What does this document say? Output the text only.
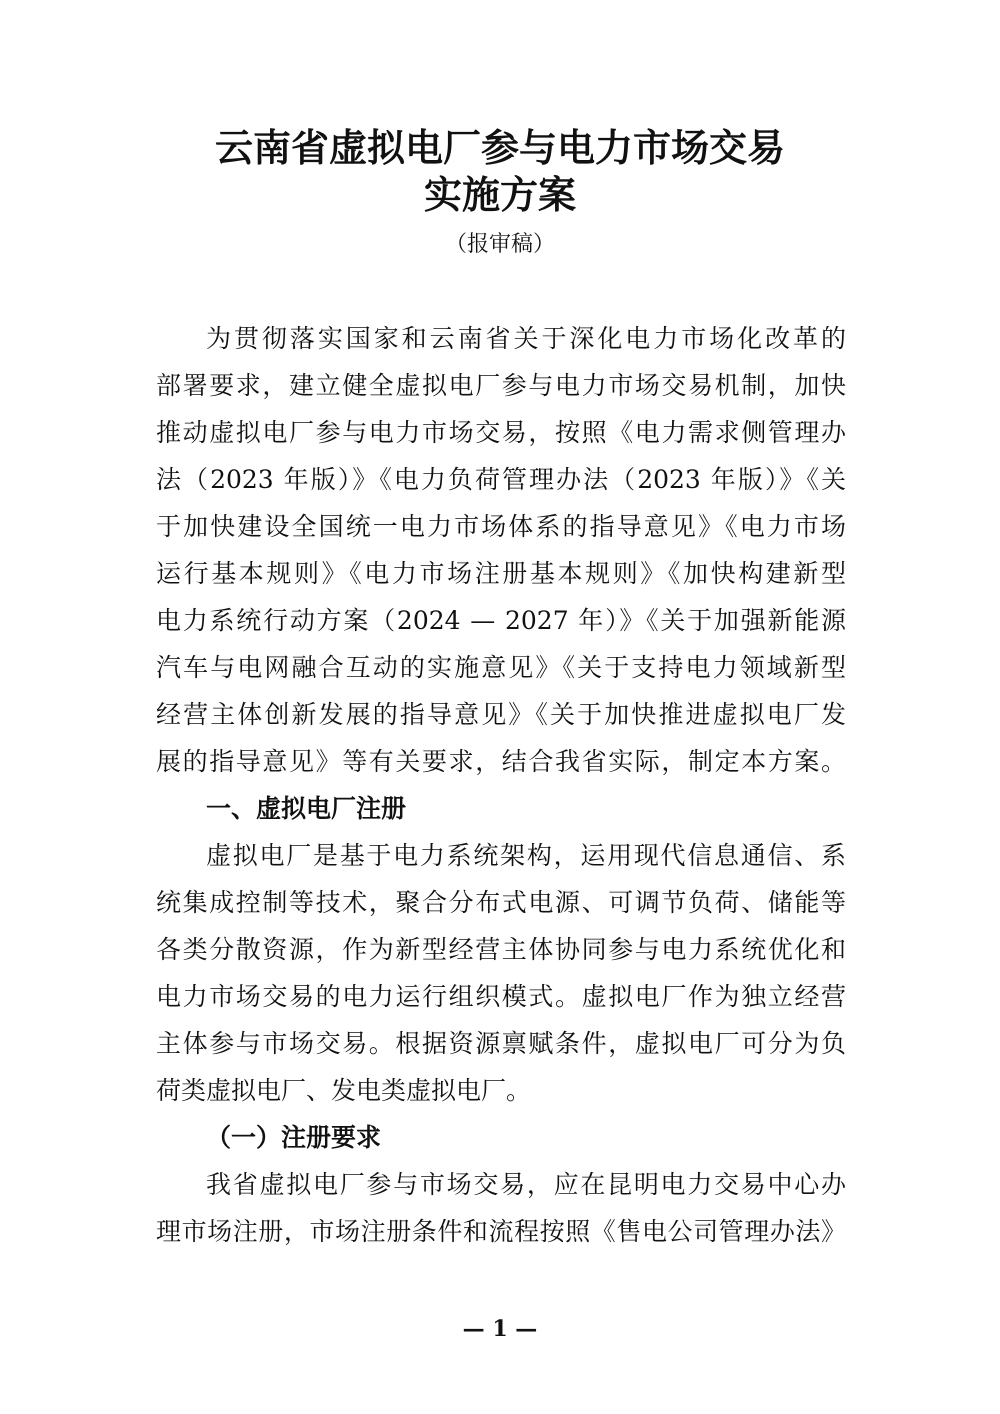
云南省虚拟电厂参与电力市场交易
实施方案
（报审稿）
为贯彻落实国家和云南省关于深化电力市场化改革的
部署要求，建立健全虚拟电厂参与电力市场交易机制，加快
推动虚拟电厂参与电力市场交易，按照《电力需求侧管理办
法（2023 年版）》《电力负荷管理办法（2023 年版）》《关
于加快建设全国统一电力市场体系的指导意见》《电力市场
运行基本规则》《电力市场注册基本规则》《加快构建新型
电力系统行动方案（2024 — 2027 年）》《关于加强新能源
汽车与电网融合互动的实施意见》《关于支持电力领域新型
经营主体创新发展的指导意见》《关于加快推进虚拟电厂发
展的指导意见》等有关要求，结合我省实际，制定本方案。
一、虚拟电厂注册
虚拟电厂是基于电力系统架构，运用现代信息通信、系
统集成控制等技术，聚合分布式电源、可调节负荷、储能等
各类分散资源，作为新型经营主体协同参与电力系统优化和
电力市场交易的电力运行组织模式。虚拟电厂作为独立经营
主体参与市场交易。根据资源禀赋条件，虚拟电厂可分为负
荷类虚拟电厂、发电类虚拟电厂。
（一）注册要求
我省虚拟电厂参与市场交易，应在昆明电力交易中心办
理市场注册，市场注册条件和流程按照《售电公司管理办法》
— 1 —
